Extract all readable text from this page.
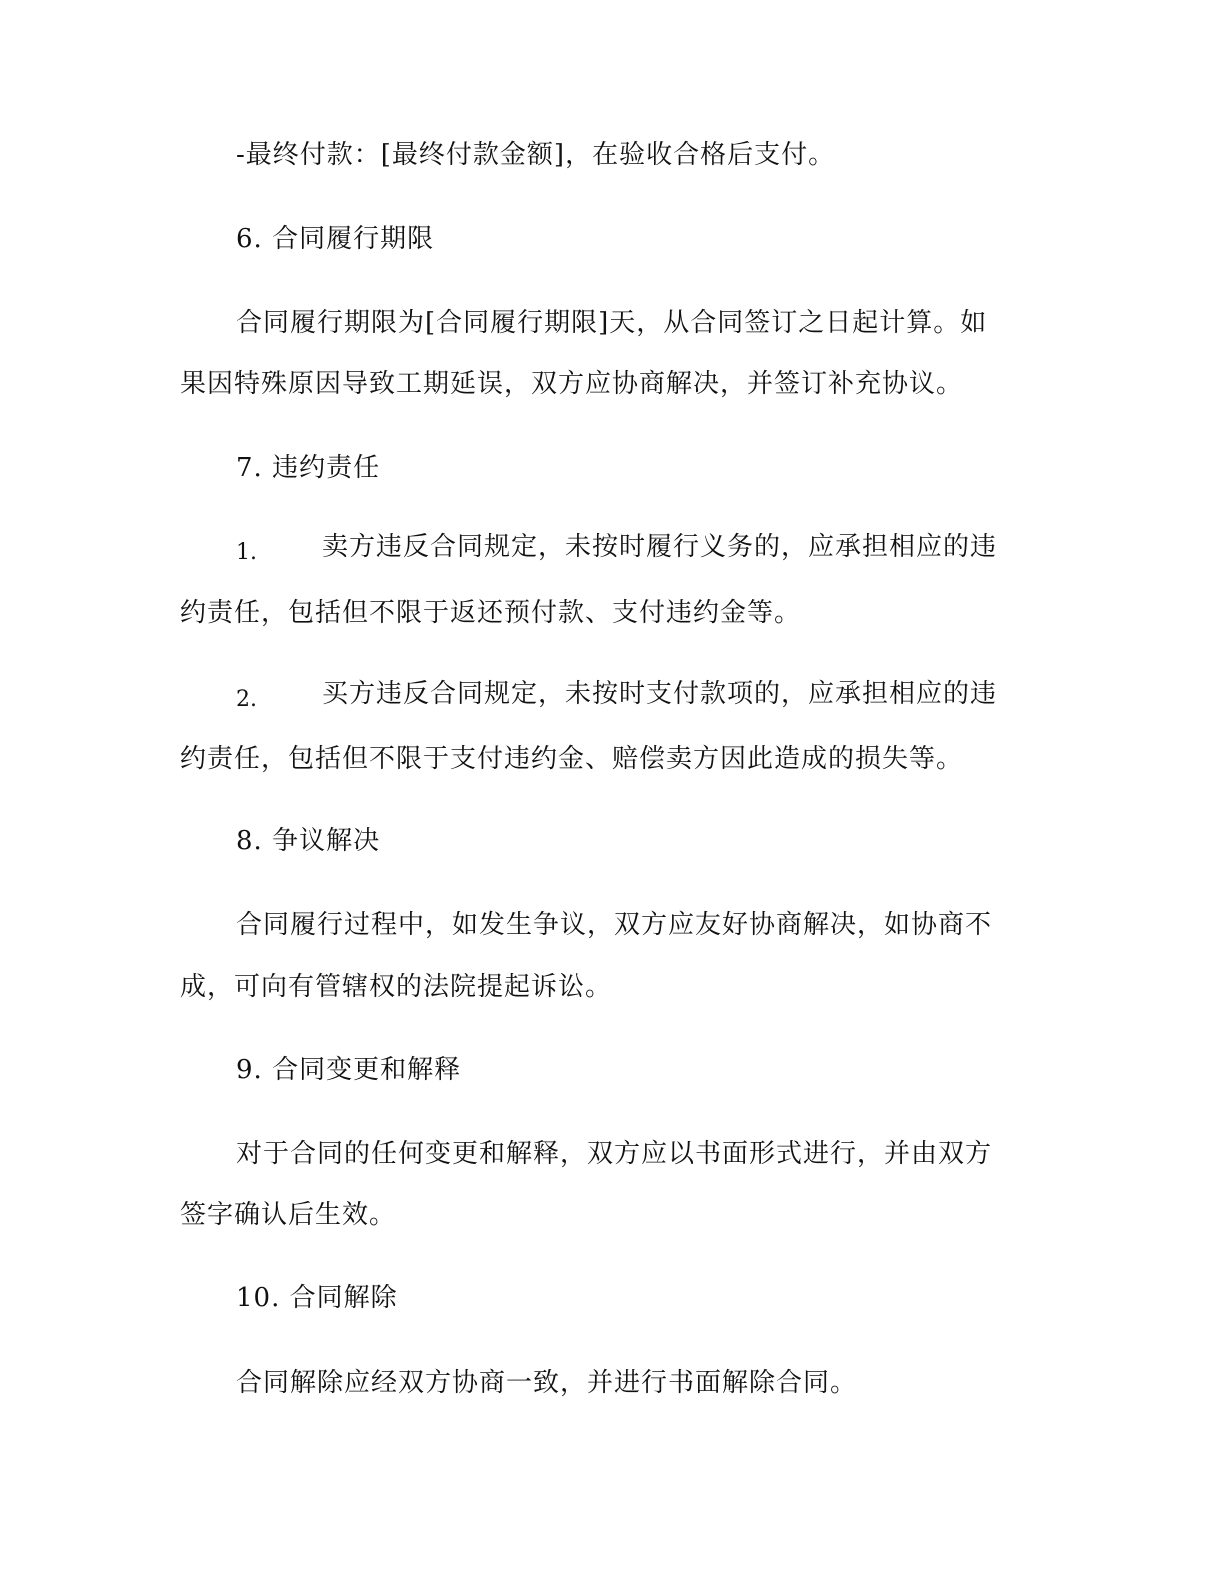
-最终付款：[最终付款金额]，在验收合格后支付。
6. 合同履行期限
合同履行期限为[合同履行期限]天，从合同签订之日起计算。如
果因特殊原因导致工期延误，双方应协商解决，并签订补充协议。
7. 违约责任
1.	卖方违反合同规定，未按时履行义务的，应承担相应的违
约责任，包括但不限于返还预付款、支付违约金等。
2.	买方违反合同规定，未按时支付款项的，应承担相应的违
约责任，包括但不限于支付违约金、赔偿卖方因此造成的损失等。
8. 争议解决
合同履行过程中，如发生争议，双方应友好协商解决，如协商不
成，可向有管辖权的法院提起诉讼。
9. 合同变更和解释
对于合同的任何变更和解释，双方应以书面形式进行，并由双方
签字确认后生效。
10. 合同解除
合同解除应经双方协商一致，并进行书面解除合同。
